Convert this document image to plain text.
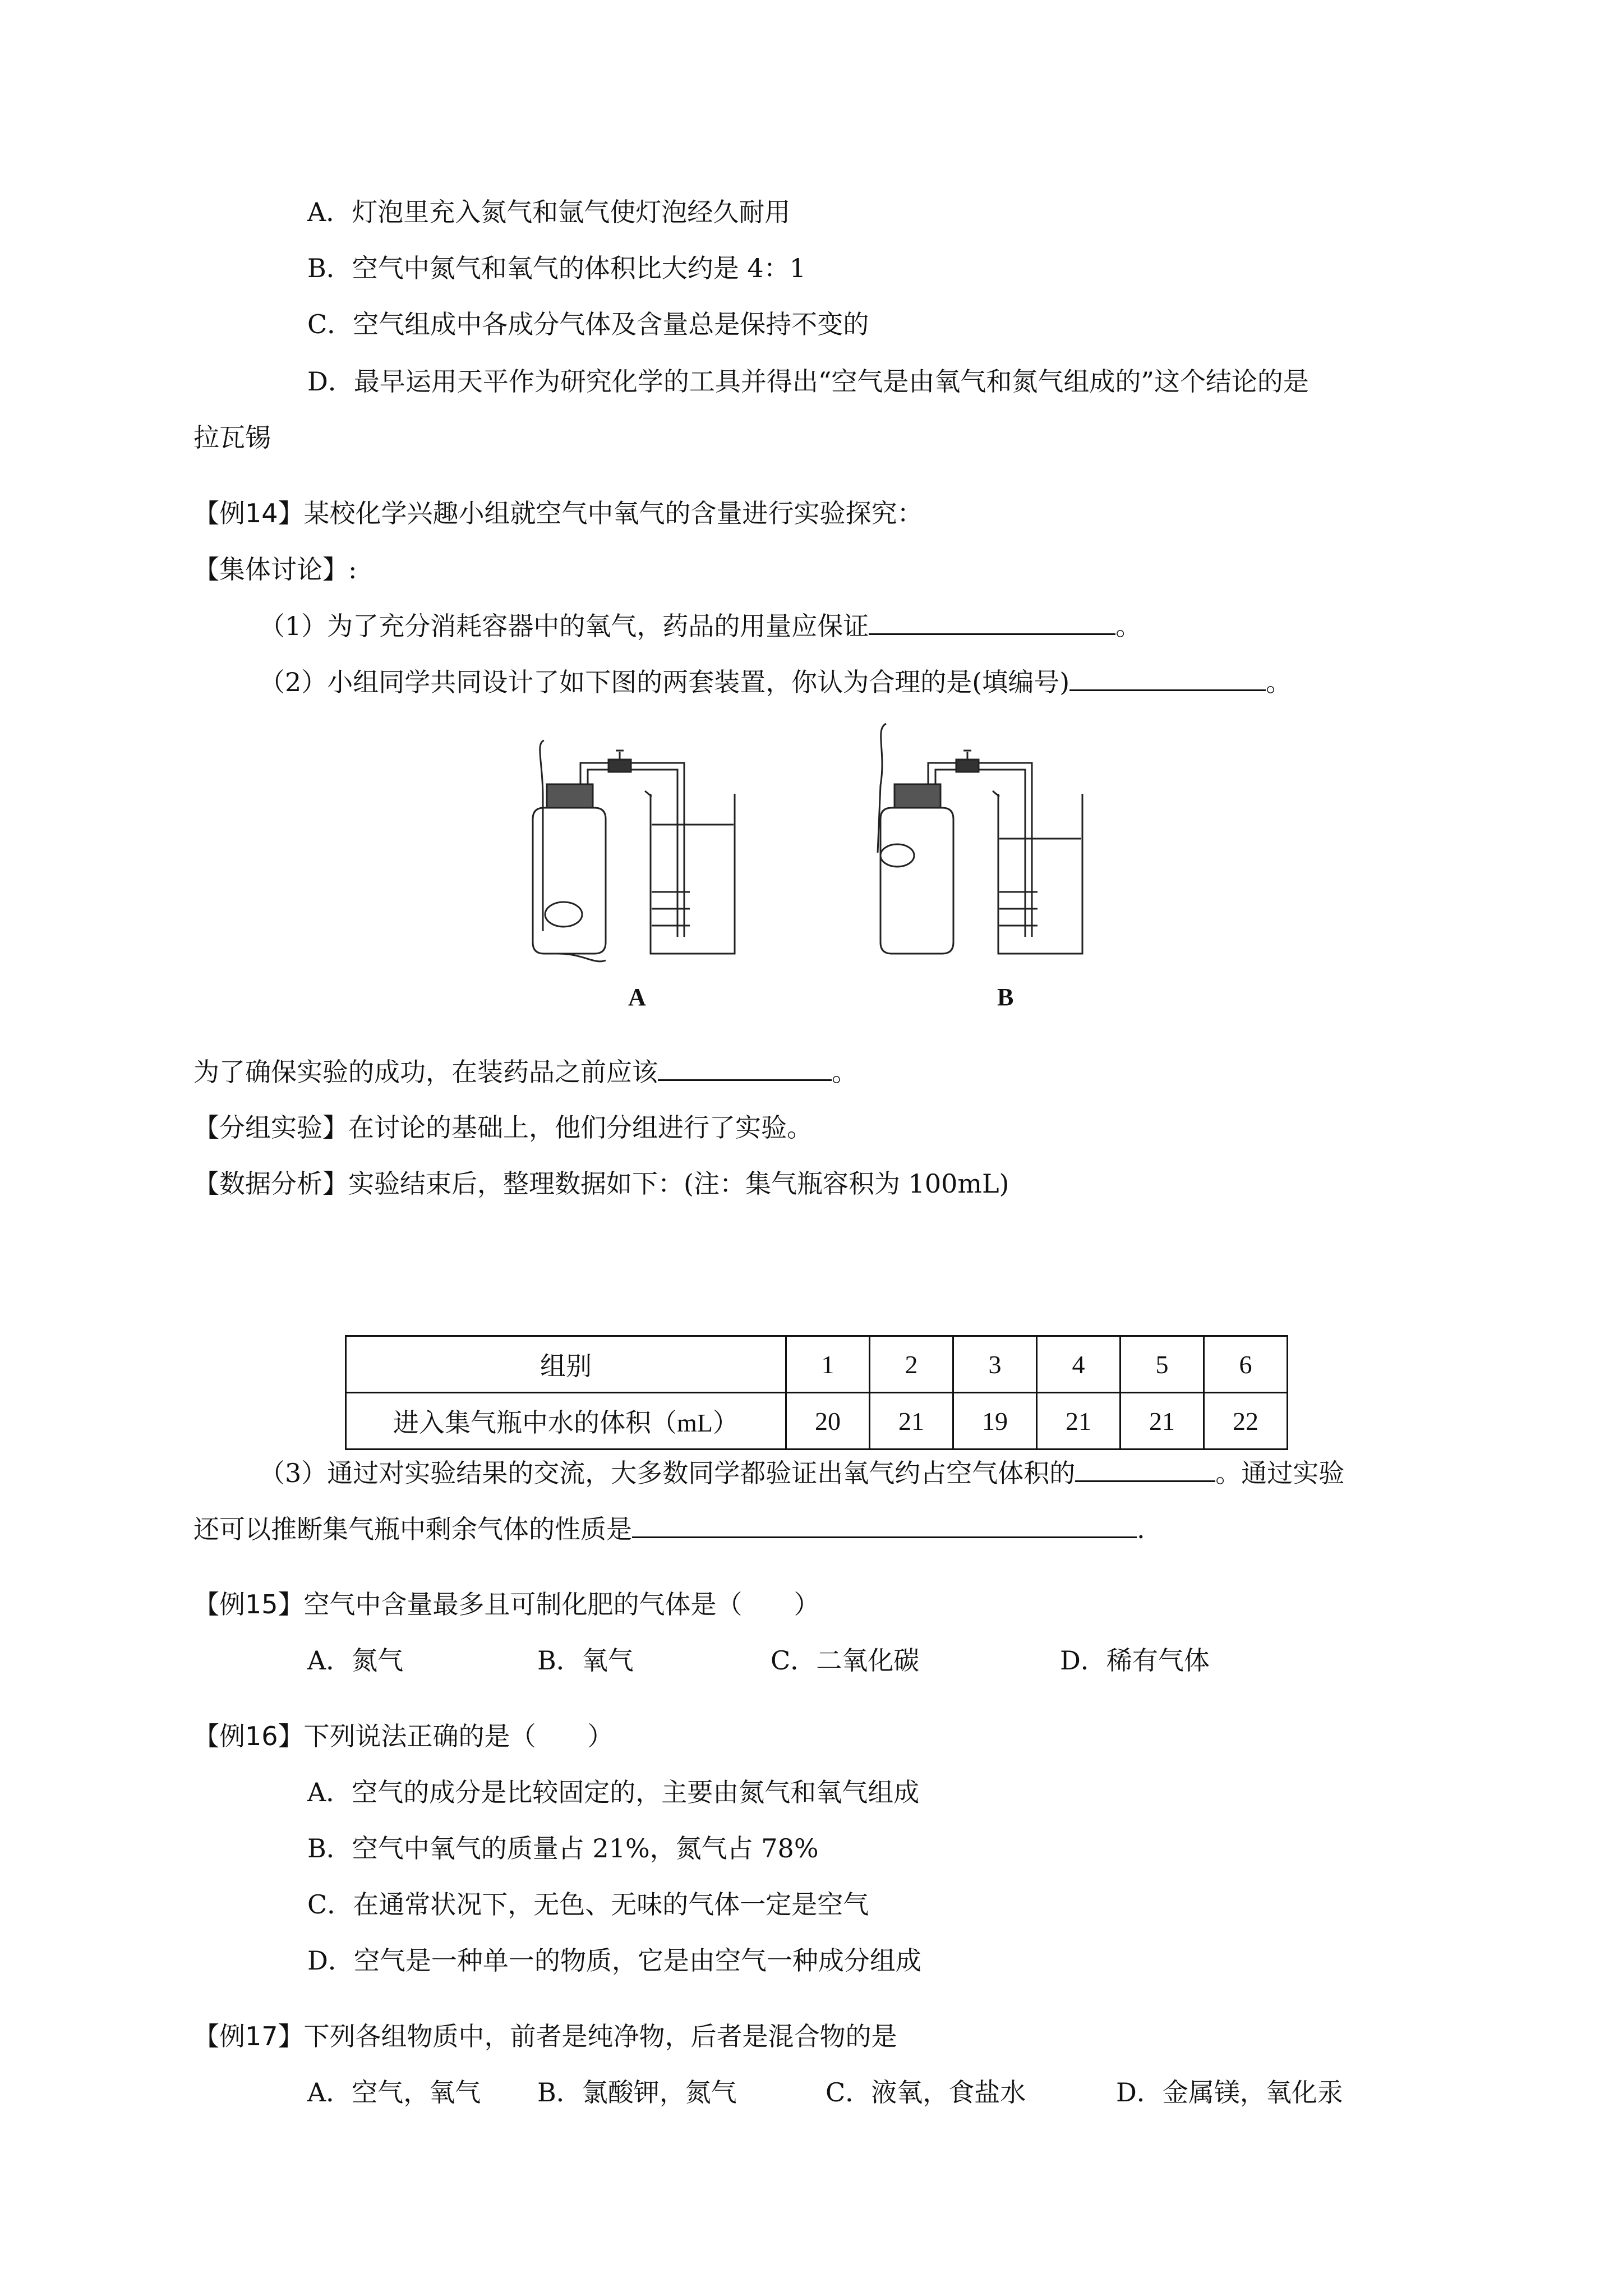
A．灯泡里充入氮气和氩气使灯泡经久耐用
B．空气中氮气和氧气的体积比大约是 4：1
C．空气组成中各成分气体及含量总是保持不变的
D．最早运用天平作为研究化学的工具并得出“空气是由氧气和氮气组成的”这个结论的是
拉瓦锡
【例14】某校化学兴趣小组就空气中氧气的含量进行实验探究：
【集体讨论】:
（1）为了充分消耗容器中的氧气，药品的用量应保证	。
（2）小组同学共同设计了如下图的两套装置，你认为合理的是(填编号)	。
A	B
为了确保实验的成功，在装药品之前应该	。
【分组实验】在讨论的基础上，他们分组进行了实验。
【数据分析】实验结束后，整理数据如下：(注：集气瓶容积为 100mL)
组别	1	2	3	4	5	6
进入集气瓶中水的体积（mL）	20	21	19	21	21	22
（3）通过对实验结果的交流，大多数同学都验证出氧气约占空气体积的	。通过实验
还可以推断集气瓶中剩余气体的性质是	.
【例15】空气中含量最多且可制化肥的气体是（　　）
A．氮气	B．氧气	C．二氧化碳	D．稀有气体
【例16】下列说法正确的是（　　）
A．空气的成分是比较固定的，主要由氮气和氧气组成
B．空气中氧气的质量占 21%，氮气占 78%
C．在通常状况下，无色、无味的气体一定是空气
D．空气是一种单一的物质，它是由空气一种成分组成
【例17】下列各组物质中，前者是纯净物，后者是混合物的是
A．空气，氧气 B．氯酸钾，氮气	C．液氧，食盐水	D．金属镁，氧化汞
